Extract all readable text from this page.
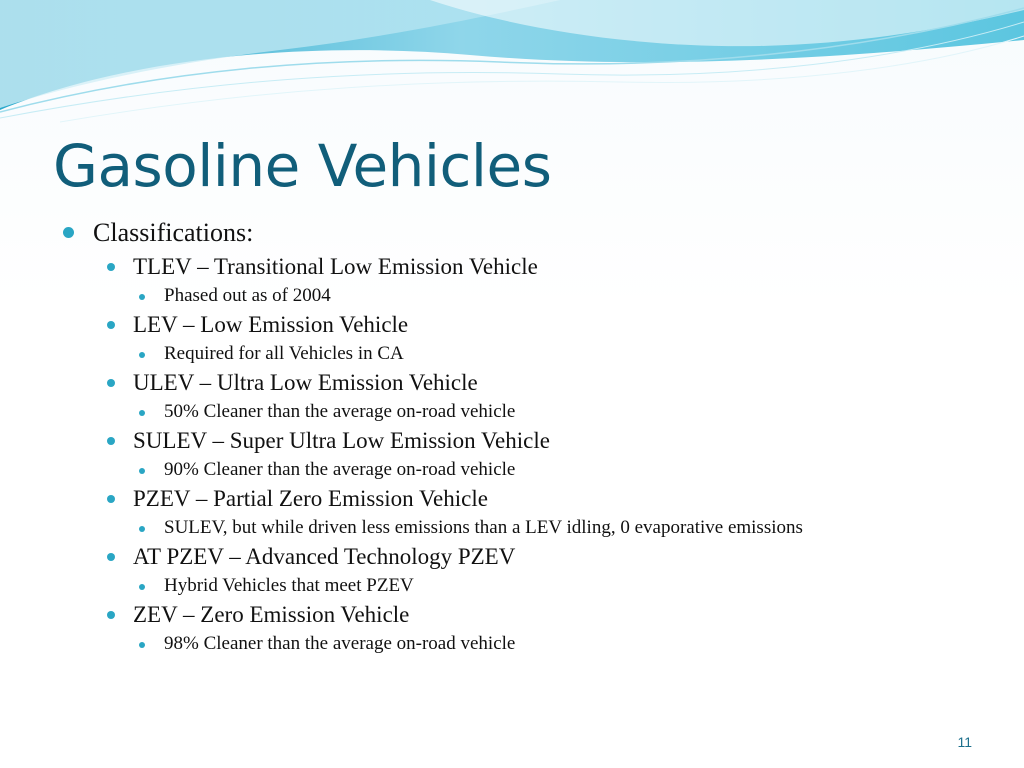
Gasoline Vehicles
Classifications:
TLEV – Transitional Low Emission Vehicle
Phased out as of 2004
LEV – Low Emission Vehicle
Required for all Vehicles in CA
ULEV – Ultra Low Emission Vehicle
50% Cleaner than the average on-road vehicle
SULEV – Super Ultra Low Emission Vehicle
90% Cleaner than the average on-road vehicle
PZEV – Partial Zero Emission Vehicle
SULEV, but while driven less emissions than a LEV idling, 0 evaporative emissions
AT PZEV – Advanced Technology PZEV
Hybrid Vehicles that meet PZEV
ZEV – Zero Emission Vehicle
98% Cleaner than the average on-road vehicle
11
